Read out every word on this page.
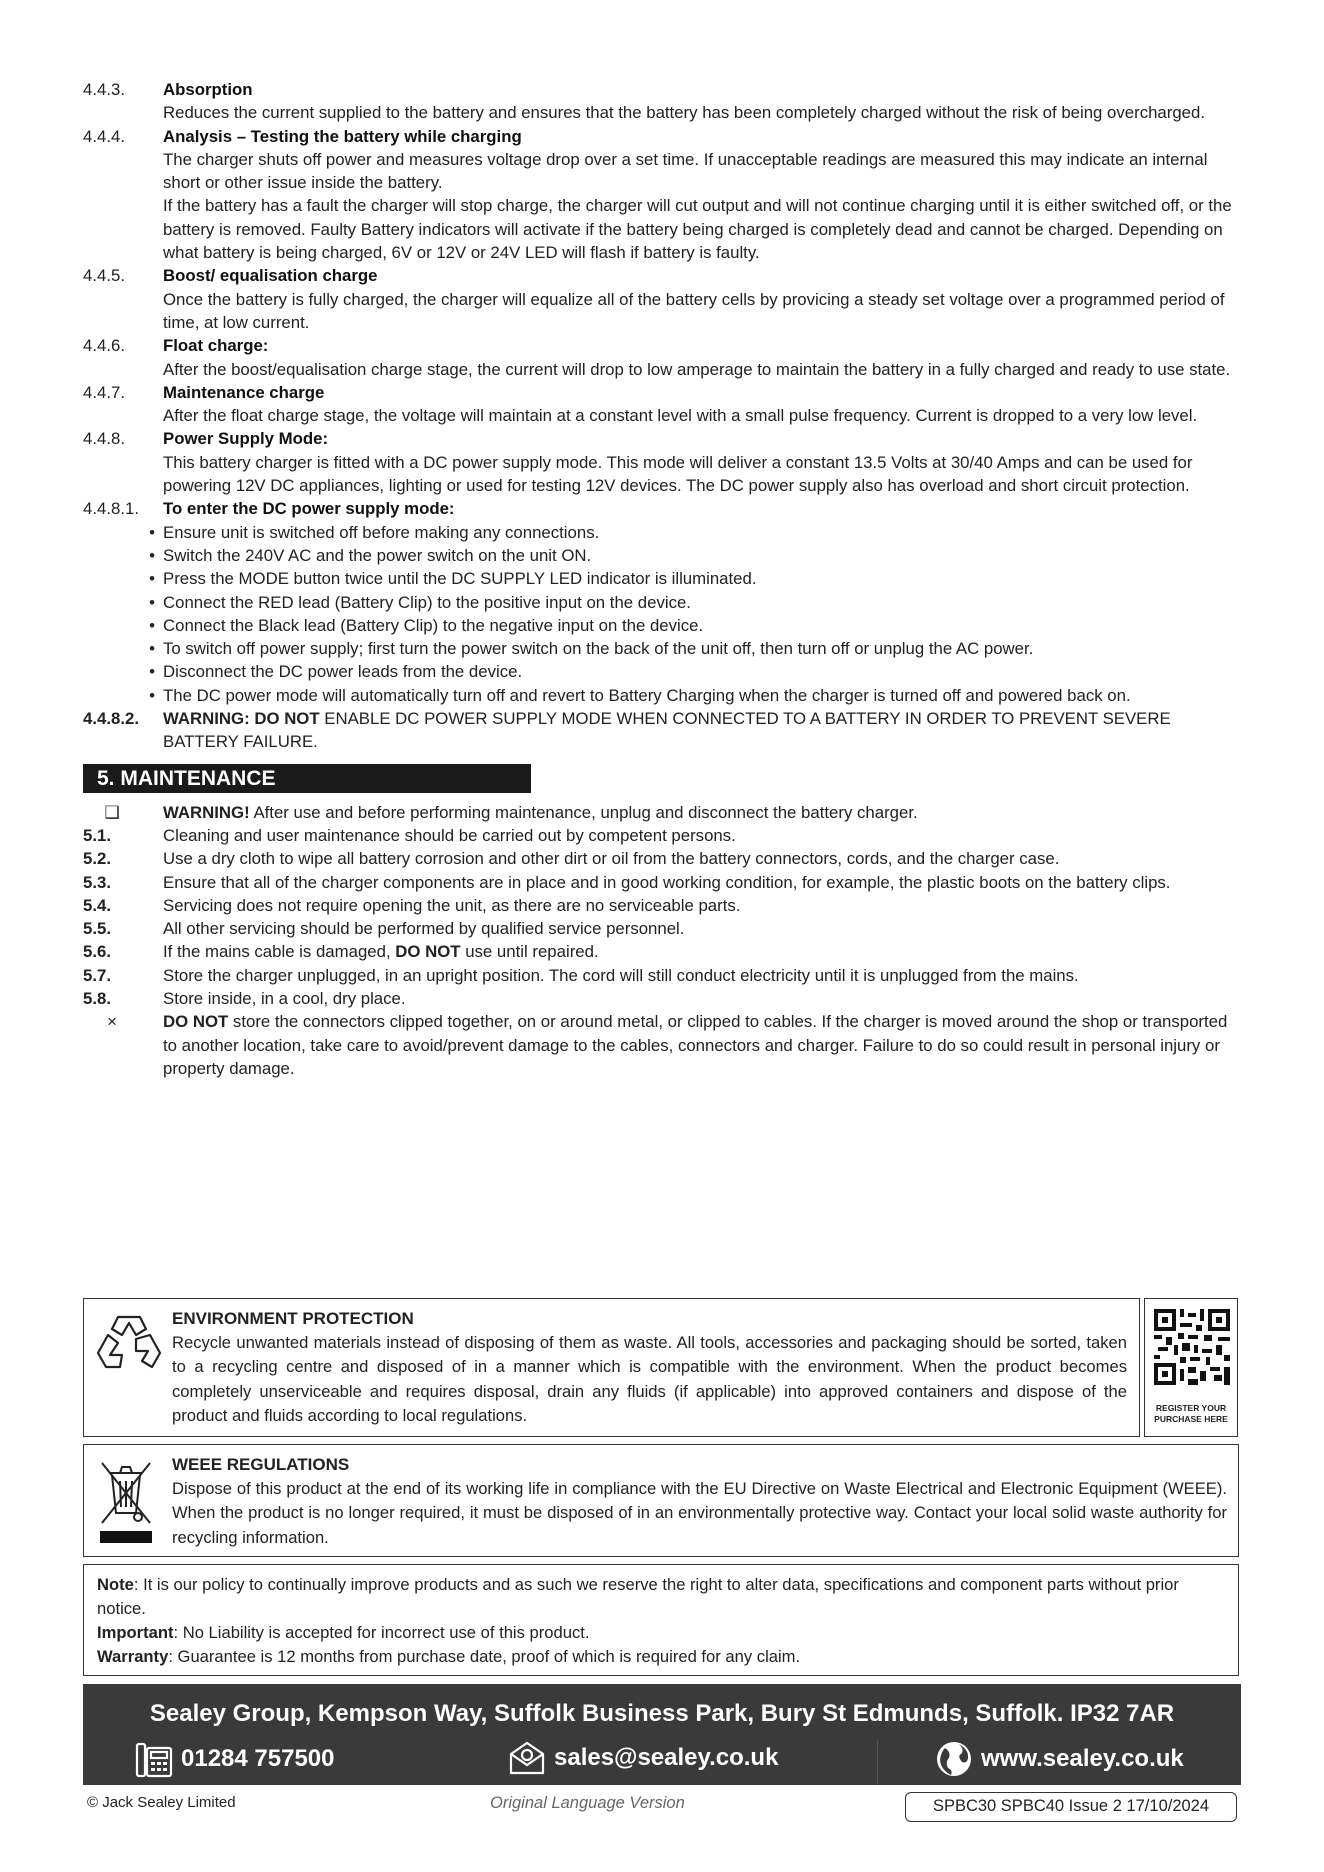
4.4.3.	Absorption
Reduces the current supplied to the battery and ensures that the battery has been completely charged without the risk of being overcharged.
4.4.4.	Analysis – Testing the battery while charging
The charger shuts off power and measures voltage drop over a set time. If unacceptable readings are measured this may indicate an internal short or other issue inside the battery.
If the battery has a fault the charger will stop charge, the charger will cut output and will not continue charging until it is either switched off, or the battery is removed. Faulty Battery indicators will activate if the battery being charged is completely dead and cannot be charged. Depending on what battery is being charged, 6V or 12V or 24V LED will flash if battery is faulty.
4.4.5.	Boost/ equalisation charge
Once the battery is fully charged, the charger will equalize all of the battery cells by provicing a steady set voltage over a programmed period of time, at low current.
4.4.6.	Float charge:
After the boost/equalisation charge stage, the current will drop to low amperage to maintain the battery in a fully charged and ready to use state.
4.4.7.	Maintenance charge
After the float charge stage, the voltage will maintain at a constant level with a small pulse frequency. Current is dropped to a very low level.
4.4.8.	Power Supply Mode:
This battery charger is fitted with a DC power supply mode. This mode will deliver a constant 13.5 Volts at 30/40 Amps and can be used for powering 12V DC appliances, lighting or used for testing 12V devices. The DC power supply also has overload and short circuit protection.
4.4.8.1.	To enter the DC power supply mode:
• Ensure unit is switched off before making any connections.
• Switch the 240V AC and the power switch on the unit ON.
• Press the MODE button twice until the DC SUPPLY LED indicator is illuminated.
• Connect the RED lead (Battery Clip) to the positive input on the device.
• Connect the Black lead (Battery Clip) to the negative input on the device.
• To switch off power supply; first turn the power switch on the back of the unit off, then turn off or unplug the AC power.
• Disconnect the DC power leads from the device.
• The DC power mode will automatically turn off and revert to Battery Charging when the charger is turned off and powered back on.
4.4.8.2.	WARNING: DO NOT ENABLE DC POWER SUPPLY MODE WHEN CONNECTED TO A BATTERY IN ORDER TO PREVENT SEVERE BATTERY FAILURE.
5. MAINTENANCE
❑	WARNING! After use and before performing maintenance, unplug and disconnect the battery charger.
5.1.	Cleaning and user maintenance should be carried out by competent persons.
5.2.	Use a dry cloth to wipe all battery corrosion and other dirt or oil from the battery connectors, cords, and the charger case.
5.3.	Ensure that all of the charger components are in place and in good working condition, for example, the plastic boots on the battery clips.
5.4.	Servicing does not require opening the unit, as there are no serviceable parts.
5.5.	All other servicing should be performed by qualified service personnel.
5.6.	If the mains cable is damaged, DO NOT use until repaired.
5.7.	Store the charger unplugged, in an upright position. The cord will still conduct electricity until it is unplugged from the mains.
5.8.	Store inside, in a cool, dry place.
×	DO NOT store the connectors clipped together, on or around metal, or clipped to cables. If the charger is moved around the shop or transported to another location, take care to avoid/prevent damage to the cables, connectors and charger. Failure to do so could result in personal injury or property damage.
ENVIRONMENT PROTECTION
Recycle unwanted materials instead of disposing of them as waste. All tools, accessories and packaging should be sorted, taken to a recycling centre and disposed of in a manner which is compatible with the environment. When the product becomes completely unserviceable and requires disposal, drain any fluids (if applicable) into approved containers and dispose of the product and fluids according to local regulations.	REGISTER YOUR
PURCHASE HERE
WEEE REGULATIONS
Dispose of this product at the end of its working life in compliance with the EU Directive on Waste Electrical and Electronic Equipment (WEEE). When the product is no longer required, it must be disposed of in an environmentally protective way. Contact your local solid waste authority for recycling information.
Note: It is our policy to continually improve products and as such we reserve the right to alter data, specifications and component parts without prior notice.
Important: No Liability is accepted for incorrect use of this product.
Warranty: Guarantee is 12 months from purchase date, proof of which is required for any claim.
Sealey Group, Kempson Way, Suffolk Business Park, Bury St Edmunds, Suffolk. IP32 7AR
01284 757500	sales@sealey.co.uk	www.sealey.co.uk
© Jack Sealey Limited	Original Language Version	SPBC30 SPBC40 Issue 2 17/10/2024
